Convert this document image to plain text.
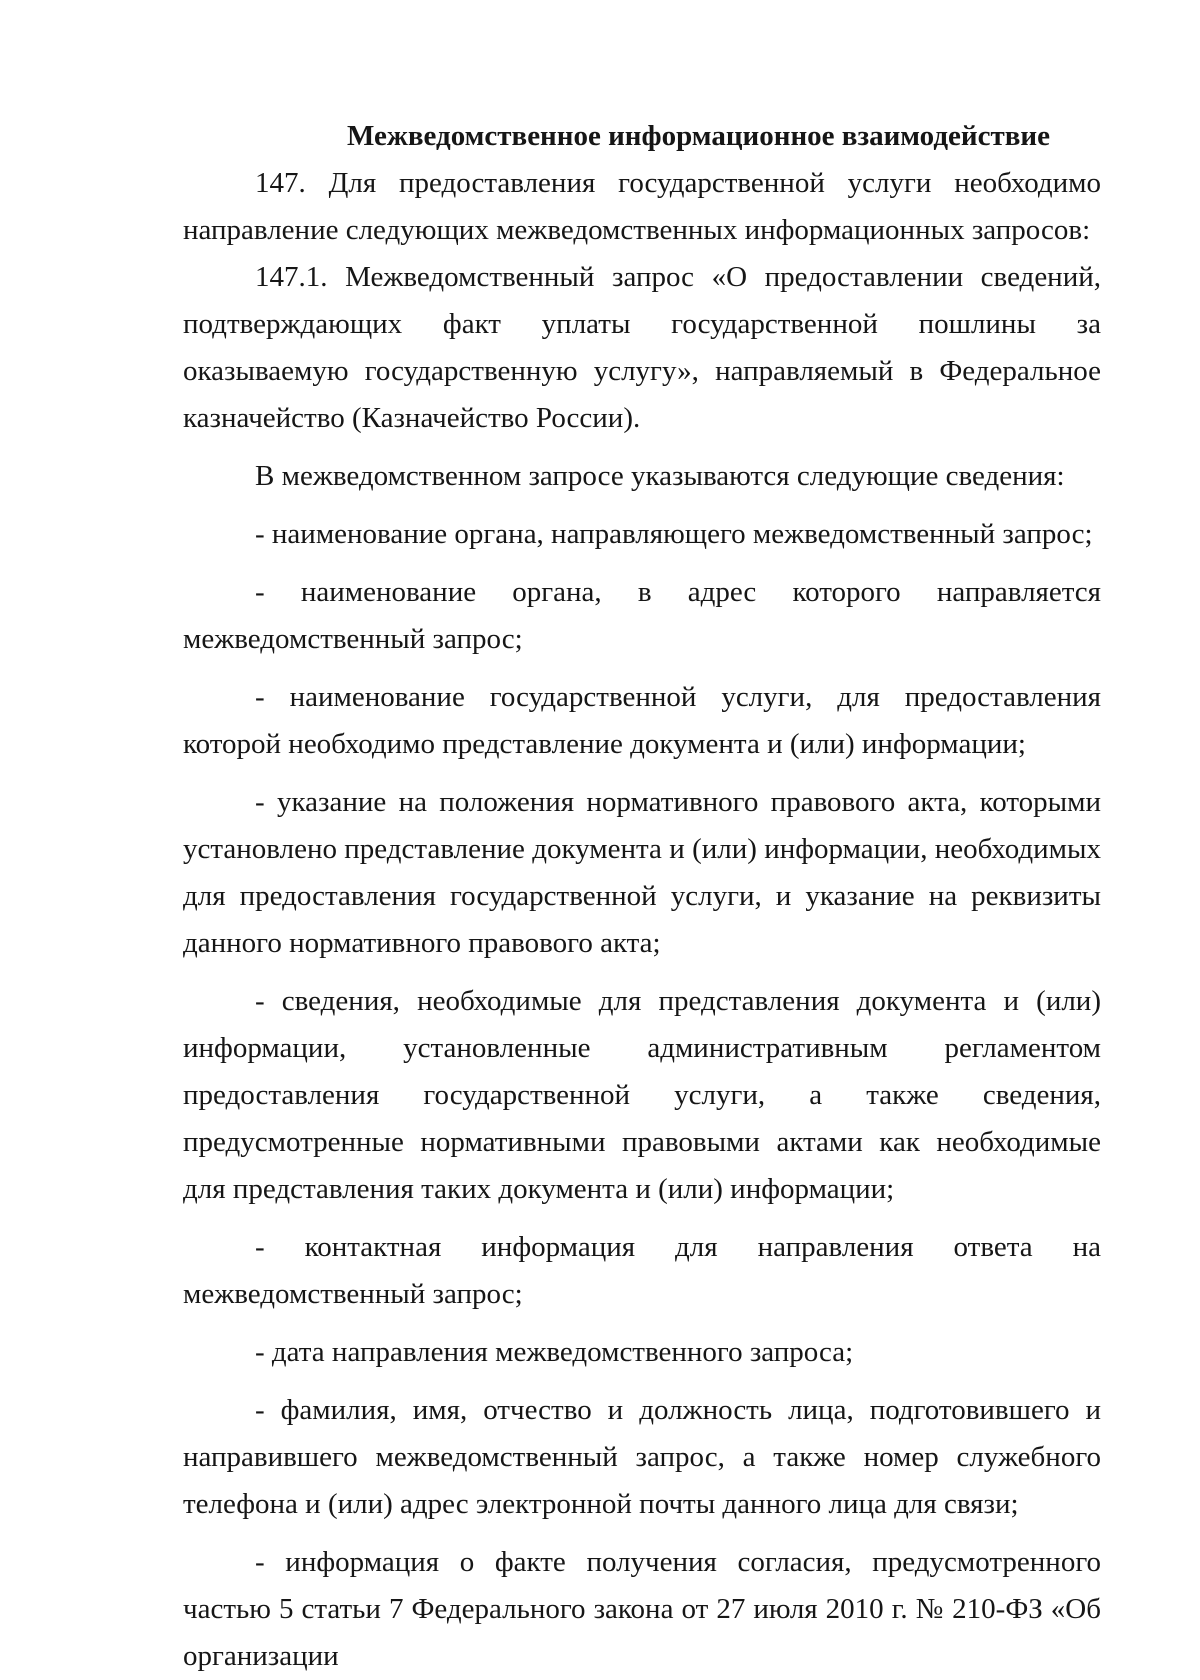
Межведомственное информационное взаимодействие

147. Для предоставления государственной услуги необходимо направление следующих межведомственных информационных запросов:

147.1. Межведомственный запрос «О предоставлении сведений, подтверждающих факт уплаты государственной пошлины за оказываемую государственную услугу», направляемый в Федеральное казначейство (Казначейство России).

В межведомственном запросе указываются следующие сведения:

- наименование органа, направляющего межведомственный запрос;

- наименование органа, в адрес которого направляется межведомственный запрос;

- наименование государственной услуги, для предоставления которой необходимо представление документа и (или) информации;

- указание на положения нормативного правового акта, которыми установлено представление документа и (или) информации, необходимых для предоставления государственной услуги, и указание на реквизиты данного нормативного правового акта;

- сведения, необходимые для представления документа и (или) информации, установленные административным регламентом предоставления государственной услуги, а также сведения, предусмотренные нормативными правовыми актами как необходимые для представления таких документа и (или) информации;

- контактная информация для направления ответа на межведомственный запрос;

- дата направления межведомственного запроса;

- фамилия, имя, отчество и должность лица, подготовившего и направившего межведомственный запрос, а также номер служебного телефона и (или) адрес электронной почты данного лица для связи;

- информация о факте получения согласия, предусмотренного частью 5 статьи 7 Федерального закона от 27 июля 2010 г. № 210-ФЗ «Об организации
